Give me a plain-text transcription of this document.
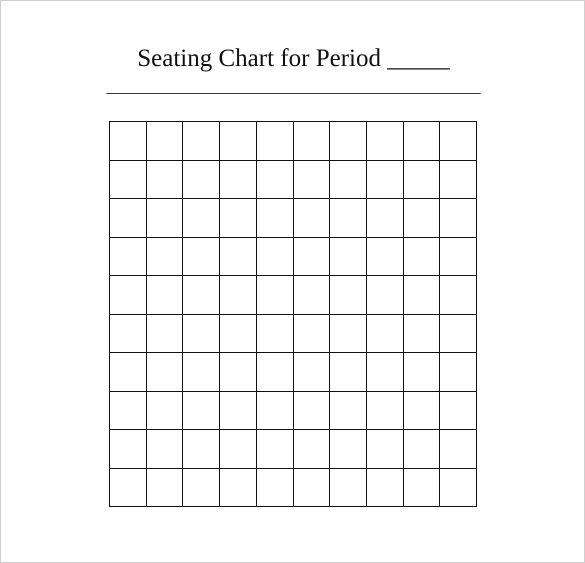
Seating Chart for Period _____
____________________________________________
